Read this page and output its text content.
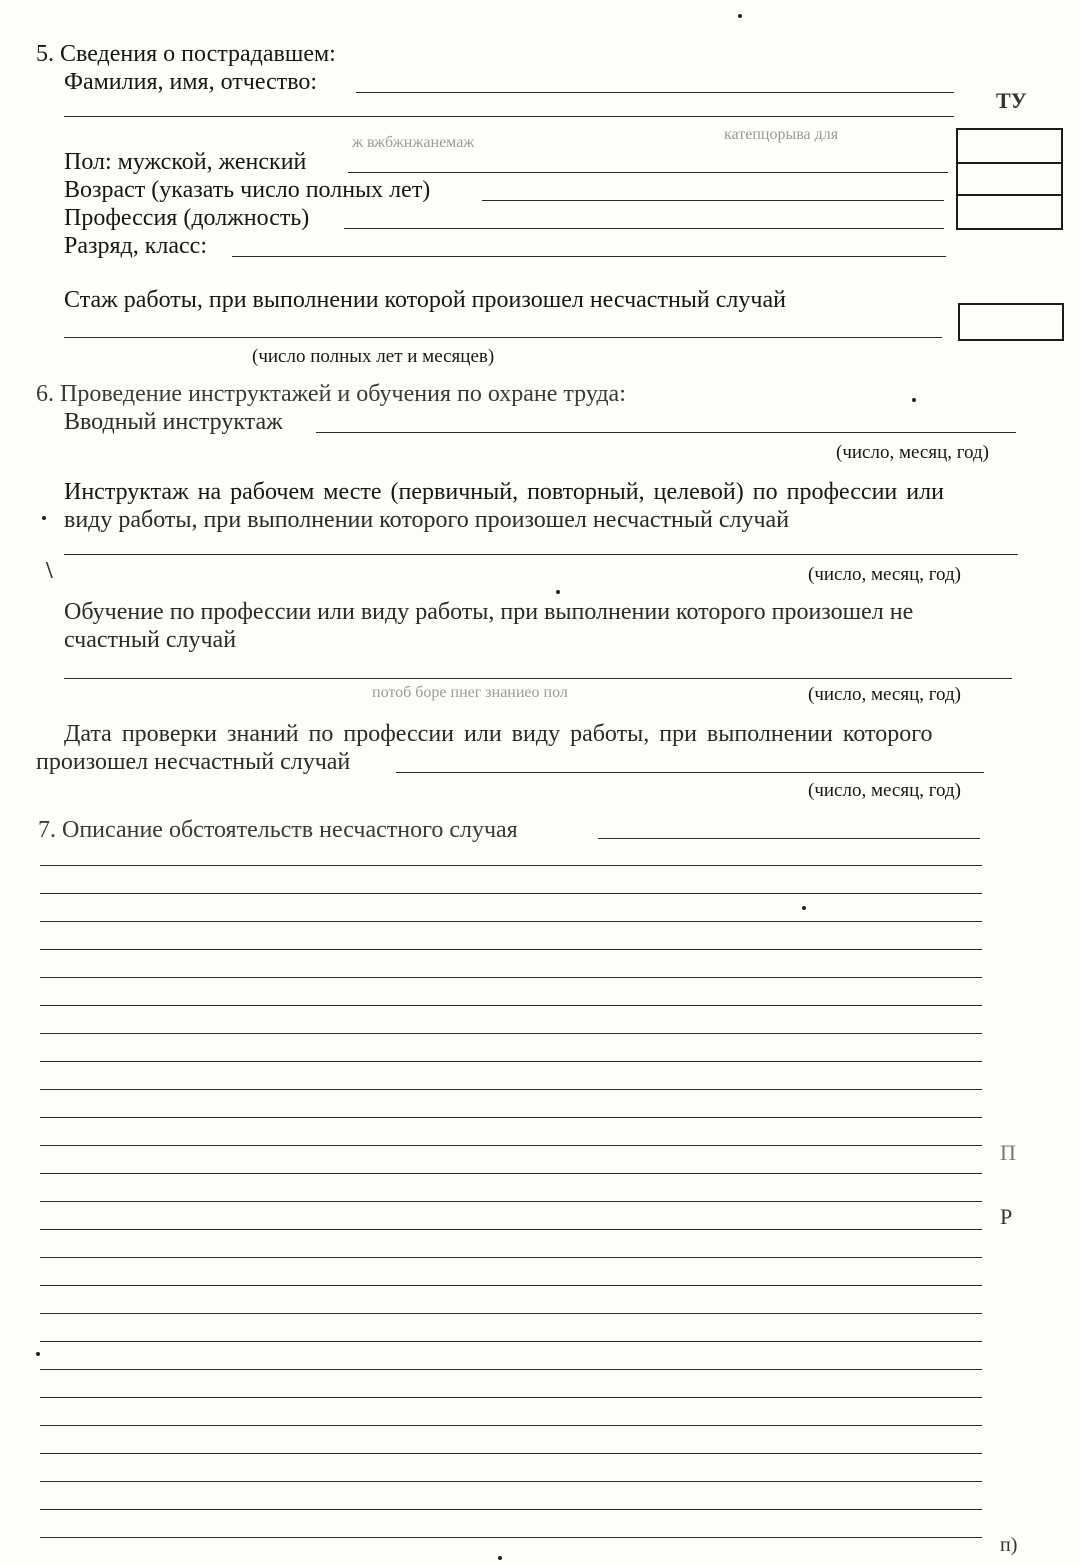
5. Сведения о пострадавшем:
Фамилия, имя, отчество:
ТУ
ж вжбжнжанемаж	катепцорыва для
Пол: мужской, женский
Возраст (указать число полных лет)
Профессия (должность)
Разряд, класс:
Стаж работы, при выполнении которой произошел несчастный случай
(число полных лет и месяцев)
6. Проведение инструктажей и обучения по охране труда:
Вводный инструктаж
(число, месяц, год)
Инструктаж на рабочем месте (первичный, повторный, целевой) по профессии или
виду работы, при выполнении которого произошел несчастный случай
(число, месяц, год)
Обучение по профессии или виду работы, при выполнении которого произошел не
счастный случай
потоб боре пнег знаниео пол	(число, месяц, год)
Дата проверки знаний по профессии или виду работы, при выполнении которого
произошел несчастный случай
(число, месяц, год)
7. Описание обстоятельств несчастного случая
П
Р
п)
\
